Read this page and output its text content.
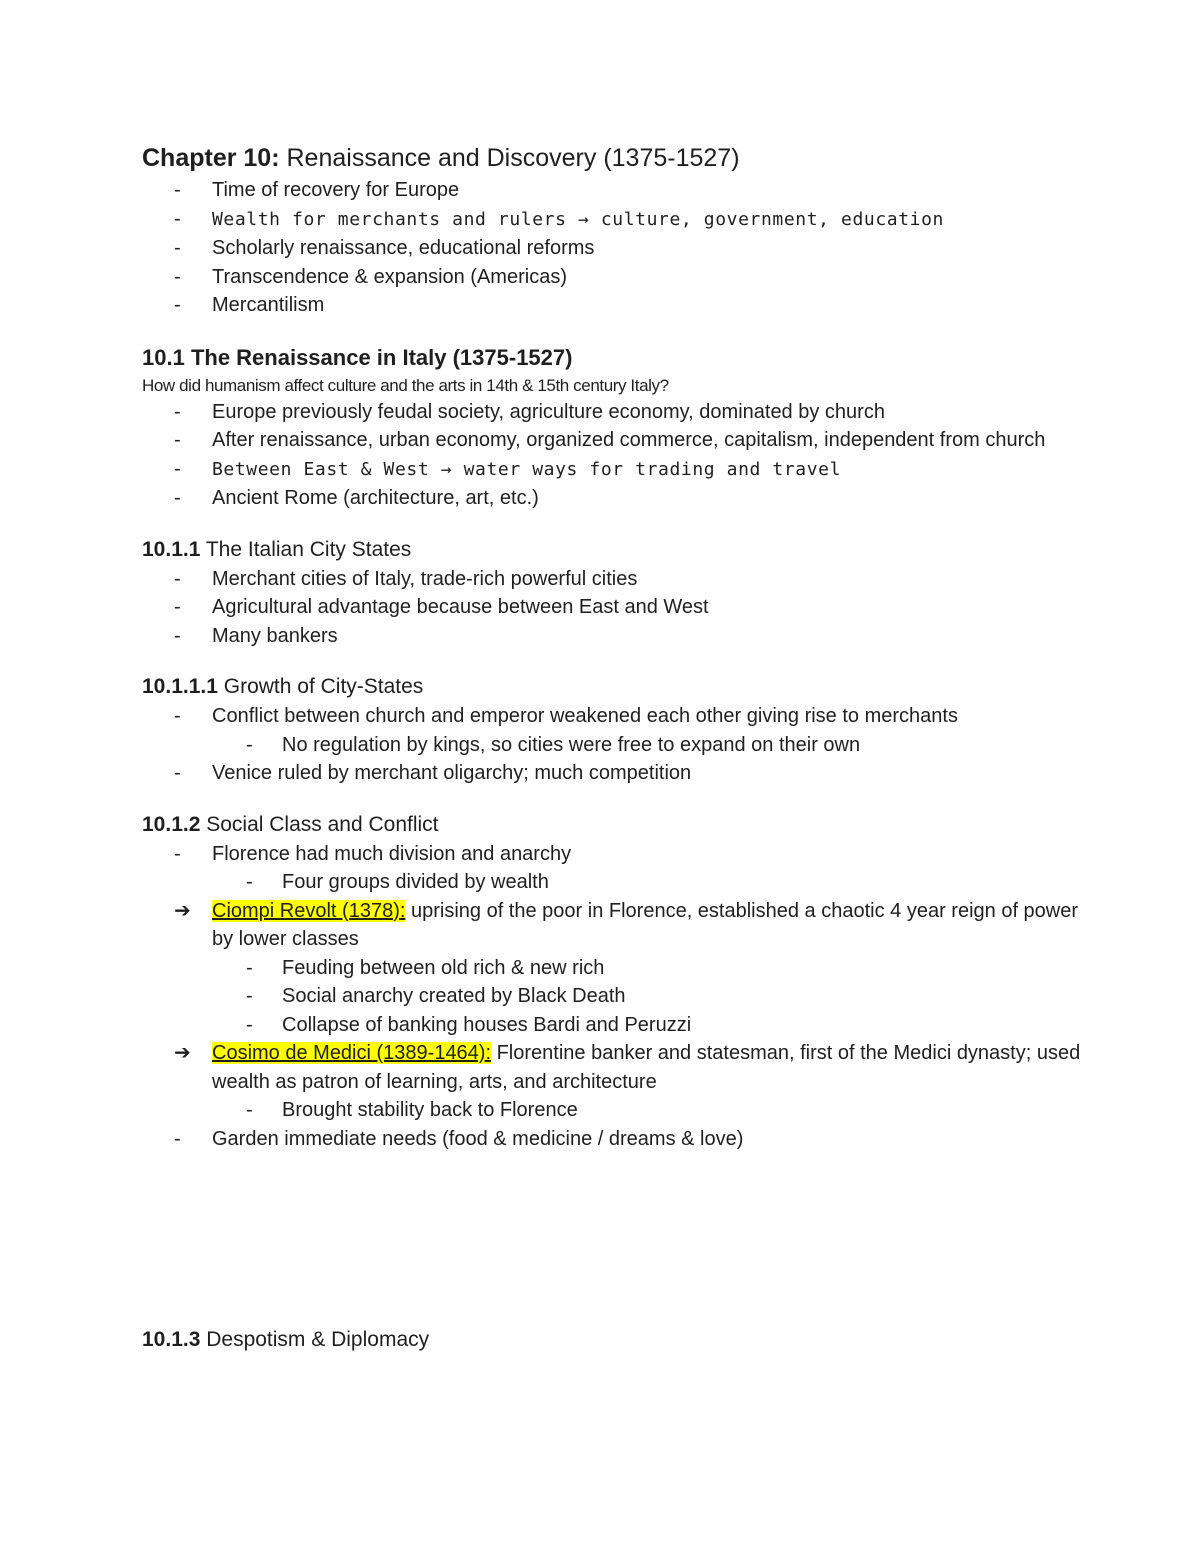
Chapter 10: Renaissance and Discovery (1375-1527)
-	Time of recovery for Europe
-	Wealth for merchants and rulers → culture, government, education
-	Scholarly renaissance, educational reforms
-	Transcendence & expansion (Americas)
-	Mercantilism
10.1 The Renaissance in Italy (1375-1527)
How did humanism affect culture and the arts in 14th & 15th century Italy?
-	Europe previously feudal society, agriculture economy, dominated by church
-	After renaissance, urban economy, organized commerce, capitalism, independent from church
-	Between East & West → water ways for trading and travel
-	Ancient Rome (architecture, art, etc.)
10.1.1 The Italian City States
-	Merchant cities of Italy, trade-rich powerful cities
-	Agricultural advantage because between East and West
-	Many bankers
10.1.1.1 Growth of City-States
-	Conflict between church and emperor weakened each other giving rise to merchants
-	No regulation by kings, so cities were free to expand on their own
-	Venice ruled by merchant oligarchy; much competition
10.1.2 Social Class and Conflict
-	Florence had much division and anarchy
-	Four groups divided by wealth
➔ Ciompi Revolt (1378): uprising of the poor in Florence, established a chaotic 4 year reign of power by lower classes
-	Feuding between old rich & new rich
-	Social anarchy created by Black Death
-	Collapse of banking houses Bardi and Peruzzi
➔ Cosimo de Medici (1389-1464): Florentine banker and statesman, first of the Medici dynasty; used wealth as patron of learning, arts, and architecture
-	Brought stability back to Florence
-	Garden immediate needs (food & medicine / dreams & love)
10.1.3 Despotism & Diplomacy
